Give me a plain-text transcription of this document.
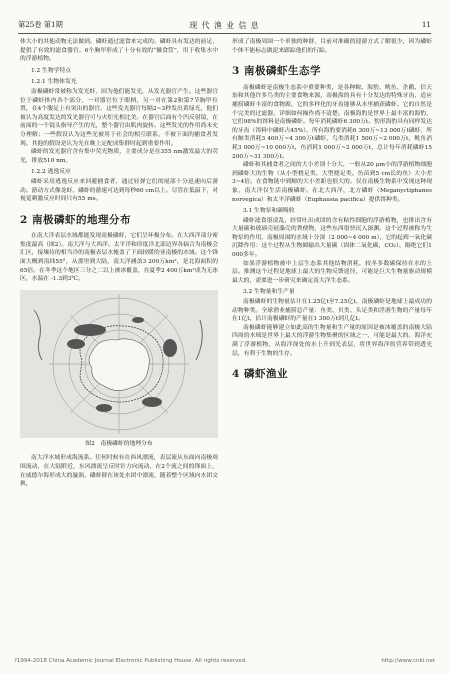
第25卷 第1期	现 代 渔 业 信 息	11

体大小的其他动物无法做到。磷虾通过滤食来完成的。磷虾具有发达的前足，提供了有效的滤食器官。6个胸甲形成了十分有效的“摄食筐”，用于收集水中的浮游植物。

1.2 生物学特点
1.2.1 生物体发光

南极磷虾常被称为发光虾，因为他们能发光，从发光器官产生。这些器官位于磷虾体内各个部分，一对器官位于眼柄，另一对在第2和第7节胸甲位置，在4个腹足上有突出的器官。这些发光器官每隔2~3秒发出黄绿光，他们被认为高度发达的发光器官可与火炬光相比美。在器官后面有个凹反射镜，在前面的一个镜头指导产生的光，整个器官由肌肉旋转。这些发光的作用尚未充分理解；一些假设认为这些光被用于社会的相互联系，不被下面的捕食者发现。其他的假设是认为光在晚上定配成集群时起到重要作用。

磷虾的发光器官含有集中荧光物质，主要成分是在355 nm激发最大的荧光，排放510 nm。

1.2.2 逃逸反应

磷虾采用逃逸反应来回避捕食者，通过轻弹它们的尾部十分迅速向后游动。游动方式像龙虾，磷虾的游速可达到每秒60 cm以上。尽管在低温下，对视觉刺激反应时间只有55 ms。

2 南极磷虾的地理分布

在南大洋表层水域都能发现南极磷虾，它们呈环极分布。在大西洋部分密集度最高（图2）。南大洋与大西洋、太平洋和印度洋北部边界各辐合为南极会汇区，接壤待的相当冷的南极表层水掩盖了下面较暖的亚南极的水域。这个锋面大概到南纬55°，从那里到大陆，南大洋涵盖3 200万km²，是北海面积的65倍。在冬季这个地区三分之二以上被冰覆盖，在夏季2 400万km²成为无冰区，水温在 -1.3到3℃。

图2　南极磷虾的地理分布

南大洋水域形成海流系。往何时候有在西风漂流，表层流从东面向南极周围流动，在大陆附近，东风漂流呈反时针方向流动，在2个流之间的锋面上，在威德尔海形成大的漩涡，磷虾群在该处水团中漂流，随着整个区域向水团交换，

形成了南极周围一个单独的种群，目前对准确的迎游方式了解很少，因为磷虾个体不能标志做泥来跟踪他们的行踪。

3 南极磷虾生态学

南极磷虾是南极生态系中重要种类，是各种鲸、海豹、鱿鱼、企鹅、信天翁和其他许多鸟类的主要食物来源，南极海的具有十分发达的特殊牙齿，适应捕捞磷虾丰富的食物源，它的多样化的牙齿能够从水里捕获磷虾。它的自然是个完美的过滤器，详细如何操作尚不清楚。南极海豹是世界上最丰富的海豹，它们98%的饵料是南极磷虾。每年消耗磷虾6 300万t。豹形海豹具有同样发达的牙齿（饵料中磷虾占45%），所有海豹要消耗6 300万~13 000万t磷虾，所有鲸类消耗3 400万~4 300万t磷虾，鸟类消耗1 500万~2 000万t，鱿鱼消耗3 000万~10 000万t，鱼消耗1 000万~2 000万t，总计每年消耗磷虾15 200万~31 300万t。

磷虾和其捕食者之间的大小差别十分大，一般从20 μm小的浮游植物细胞到磷虾大的生物（从小型桡足类、大型桡足类、鱼苗到5 cm长的鱼）大小差3~4倍。在食物链中到鲸的大小差距也很大的。仅在南极生物系中发现这种现象，南大洋仅生活南极磷虾。在北大西洋，北方磷虾（Meganyctiphanes norvegica）和太平洋磷虾（Euphausia pacifica）提供饵种类。

3.1 生物泵和碳吸收

磷虾滤食很凌乱，经常吐出成团的含有粘性细胞的浮游植物，也排出含有大量碳和玻璃壳硅藻壳的粪便物，这些东西很快沉入深渊。这个过程被称为生物泵的作用，南极周围的水域十分深（2 000~4 000 m），它的起到一氧化碳沉降作用：这个过程从生物圈输出大量碳（固体二氧化碳，CO₂），隔绝它们1 000多年。

如果浮游植物被中上层生态系其他结物消耗，较冬多数碳保持在水的上层。推测这个过程是地球上最大的生物反馈途径，可能是巨大生物量驱动规模最大的，需要进一步研究来确定南大洋生态系。

3.2 生物量和生产量

南极磷虾的生物量估计在1.25亿t至7.25亿t，南极磷虾是地球上最成功的动物种类。全球渔业捕捞总产量：鱼类、贝类、头足类和浮游生物的产量每年在1亿t，估计南极磷虾的产量在1 300万t到几亿t。

南极磷虾能够建立如此高的生物量和生产量的原因是被冰覆盖的南极大陆四周的水域是世界上最大的浮游生物集聚的区域之一，可能是最大的。海洋充满了浮游植物，从海洋深处的水上升到光表层，将世界海洋的营养带到透光层，有利于生物的生存。

4 磷虾渔业
?1994-2018 China Academic Journal Electronic Publishing House. All rights reserved.	http://www.cnki.net
